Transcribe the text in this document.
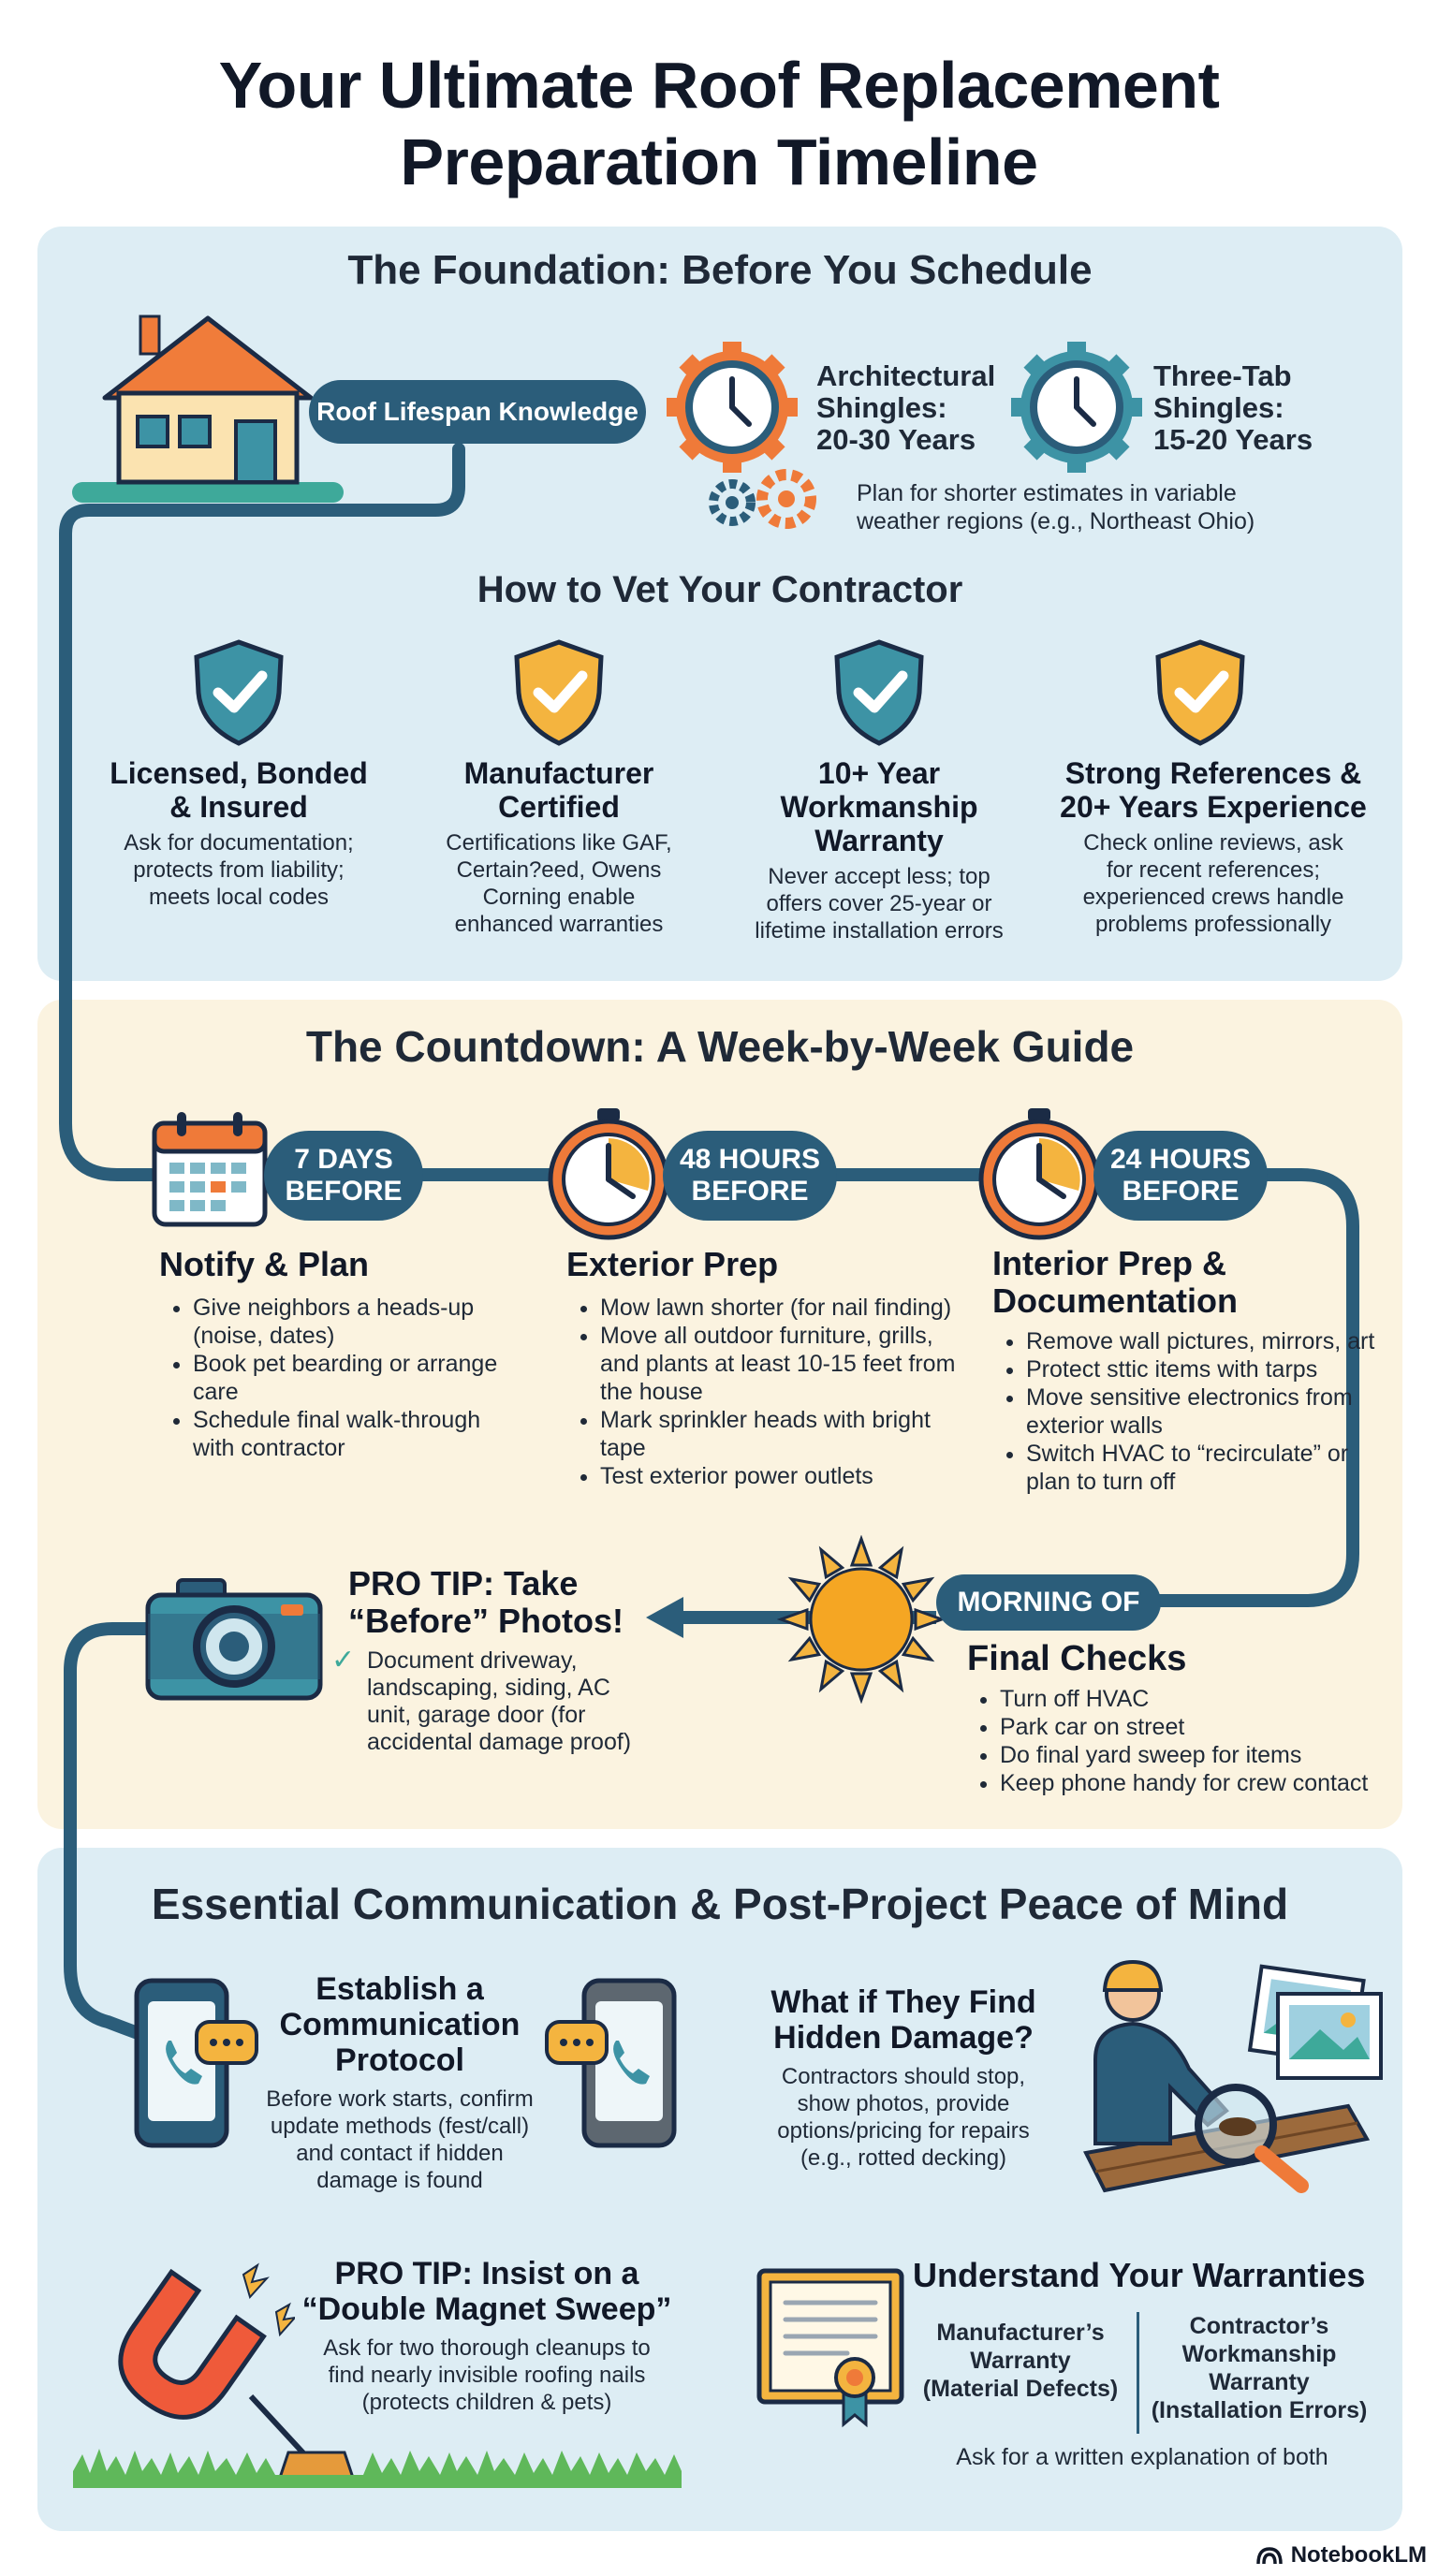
Your Ultimate Roof Replacement
Preparation Timeline
The Foundation: Before You Schedule
Roof Lifespan Knowledge
Architectural
Shingles:
20-30 Years
Three-Tab
Shingles:
15-20 Years
Plan for shorter estimates in variable
weather regions (e.g., Northeast Ohio)
How to Vet Your Contractor
Licensed, Bonded
& Insured
Ask for documentation;
protects from liability;
meets local codes
Manufacturer
Certified
Certifications like GAF,
Certain?eed, Owens
Corning enable
enhanced warranties
10+ Year
Workmanship
Warranty
Never accept less; top
offers cover 25-year or
lifetime installation errors
Strong References &
20+ Years Experience
Check online reviews, ask
for recent references;
experienced crews handle
problems professionally
The Countdown: A Week-by-Week Guide
7 DAYS
BEFORE
Notify & Plan
• Give neighbors a heads-up (noise, dates)
• Book pet bearding or arrange care
• Schedule final walk-through with contractor
48 HOURS
BEFORE
Exterior Prep
• Mow lawn shorter (for nail finding)
• Move all outdoor furniture, grills, and plants at least 10-15 feet from the house
• Mark sprinkler heads with bright tape
• Test exterior power outlets
24 HOURS
BEFORE
Interior Prep & Documentation
• Remove wall pictures, mirrors, art
• Protect sttic items with tarps
• Move sensitive electronics from exterior walls
• Switch HVAC to “recirculate” or plan to turn off
PRO TIP: Take
“Before” Photos!
✓ Document driveway, landscaping, siding, AC unit, garage door (for accidental damage proof)
MORNING OF
Final Checks
• Turn off HVAC
• Park car on street
• Do final yard sweep for items
• Keep phone handy for crew contact
Essential Communication & Post-Project Peace of Mind
Establish a
Communication
Protocol
Before work starts, confirm
update methods (fest/call)
and contact if hidden
damage is found
What if They Find
Hidden Damage?
Contractors should stop,
show photos, provide
options/pricing for repairs
(e.g., rotted decking)
PRO TIP: Insist on a
“Double Magnet Sweep”
Ask for two thorough cleanups to
find nearly invisible roofing nails
(protects children & pets)
Understand Your Warranties
Manufacturer’s
Warranty
(Material Defects)
Contractor’s
Workmanship
Warranty
(Installation Errors)
Ask for a written explanation of both
NotebookLM
